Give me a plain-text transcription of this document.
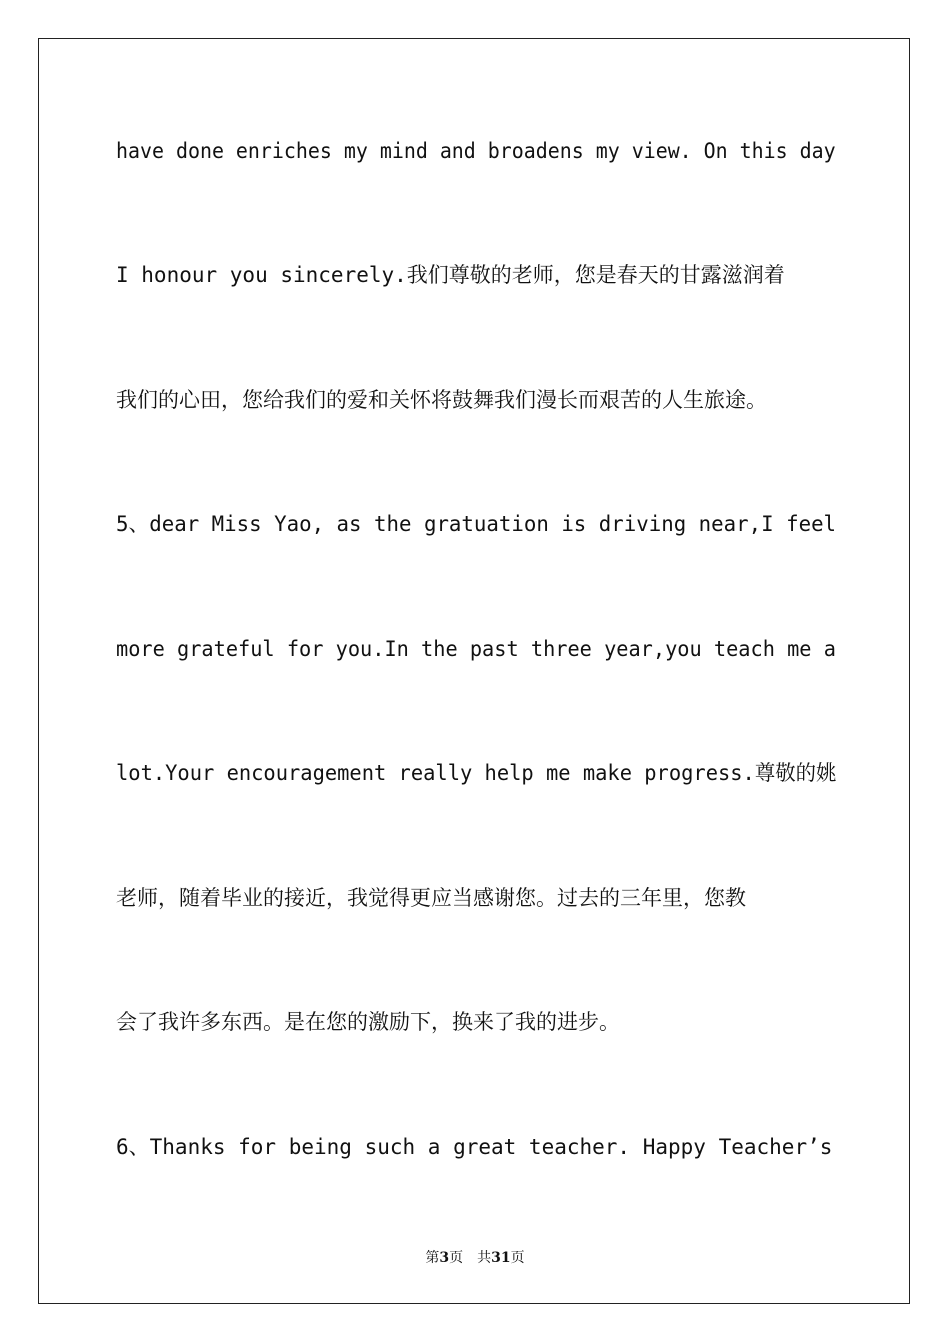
have done enriches my mind and broadens my view. On this day
I honour you sincerely.我们尊敬的老师，您是春天的甘露滋润着
我们的心田，您给我们的爱和关怀将鼓舞我们漫长而艰苦的人生旅途。
5、dear Miss Yao, as the gratuation is driving near,I feel
more grateful for you.In the past three year,you teach me a
lot.Your encouragement really help me make progress.尊敬的姚
老师，随着毕业的接近，我觉得更应当感谢您。过去的三年里，您教
会了我许多东西。是在您的激励下，换来了我的进步。
6、Thanks for being such a great teacher. Happy Teacher’s
第3页 共31页
